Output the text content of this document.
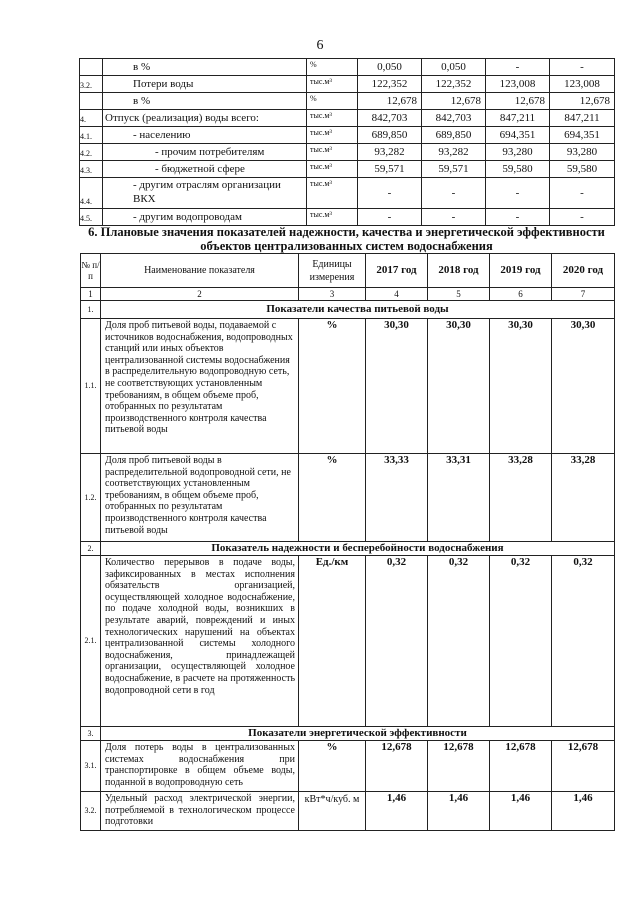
6
	в %	%	0,050	0,050	-	-
3.2.	Потери воды	тыс.м³	122,352	122,352	123,008	123,008
	в %	%	12,678	12,678	12,678	12,678
4.	Отпуск (реализация) воды всего:	тыс.м³	842,703	842,703	847,211	847,211
4.1.	- населению	тыс.м³	689,850	689,850	694,351	694,351
4.2.	- прочим потребителям	тыс.м³	93,282	93,282	93,280	93,280
4.3.	- бюджетной сфере	тыс.м³	59,571	59,571	59,580	59,580
4.4.	- другим отраслям организации ВКХ	тыс.м³	-	-	-	-
4.5.	- другим водопроводам	тыс.м³	-	-	-	-
6. Плановые значения показателей надежности, качества и энергетической эффективности объектов централизованных систем водоснабжения
№ п/ п	Наименование показателя	Единицы измерения	2017 год	2018 год	2019 год	2020 год
1	2	3	4	5	6	7
1.	Показатели качества питьевой воды					
1.1.	Доля проб питьевой воды, подаваемой с источников водоснабжения, водопроводных станций или иных объектов централизованной системы водоснабжения в распределительную водопроводную сеть, не соответствующих установленным требованиям, в общем объеме проб, отобранных по результатам производственного контроля качества питьевой воды	%	30,30	30,30	30,30	30,30
1.2.	Доля проб питьевой воды в распределительной водопроводной сети, не соответствующих установленным требованиям, в общем объеме проб, отобранных по результатам производственного контроля качества питьевой воды	%	33,33	33,31	33,28	33,28
2.	Показатель надежности и бесперебойности водоснабжения					
2.1.	Количество перерывов в подаче воды, зафиксированных в местах исполнения обязательств организацией, осуществляющей холодное водоснабжение, по подаче холодной воды, возникших в результате аварий, повреждений и иных технологических нарушений на объектах централизованной системы холодного водоснабжения, принадлежащей организации, осуществляющей холодное водоснабжение, в расчете на протяженность водопроводной сети в год	Ед./км	0,32	0,32	0,32	0,32
3.	Показатели энергетической эффективности					
3.1.	Доля потерь воды в централизованных системах водоснабжения при транспортировке в общем объеме воды, поданной в водопроводную сеть	%	12,678	12,678	12,678	12,678
3.2.	Удельный расход электрической энергии, потребляемой в технологическом процессе подготовки	кВт*ч/куб. м	1,46	1,46	1,46	1,46
